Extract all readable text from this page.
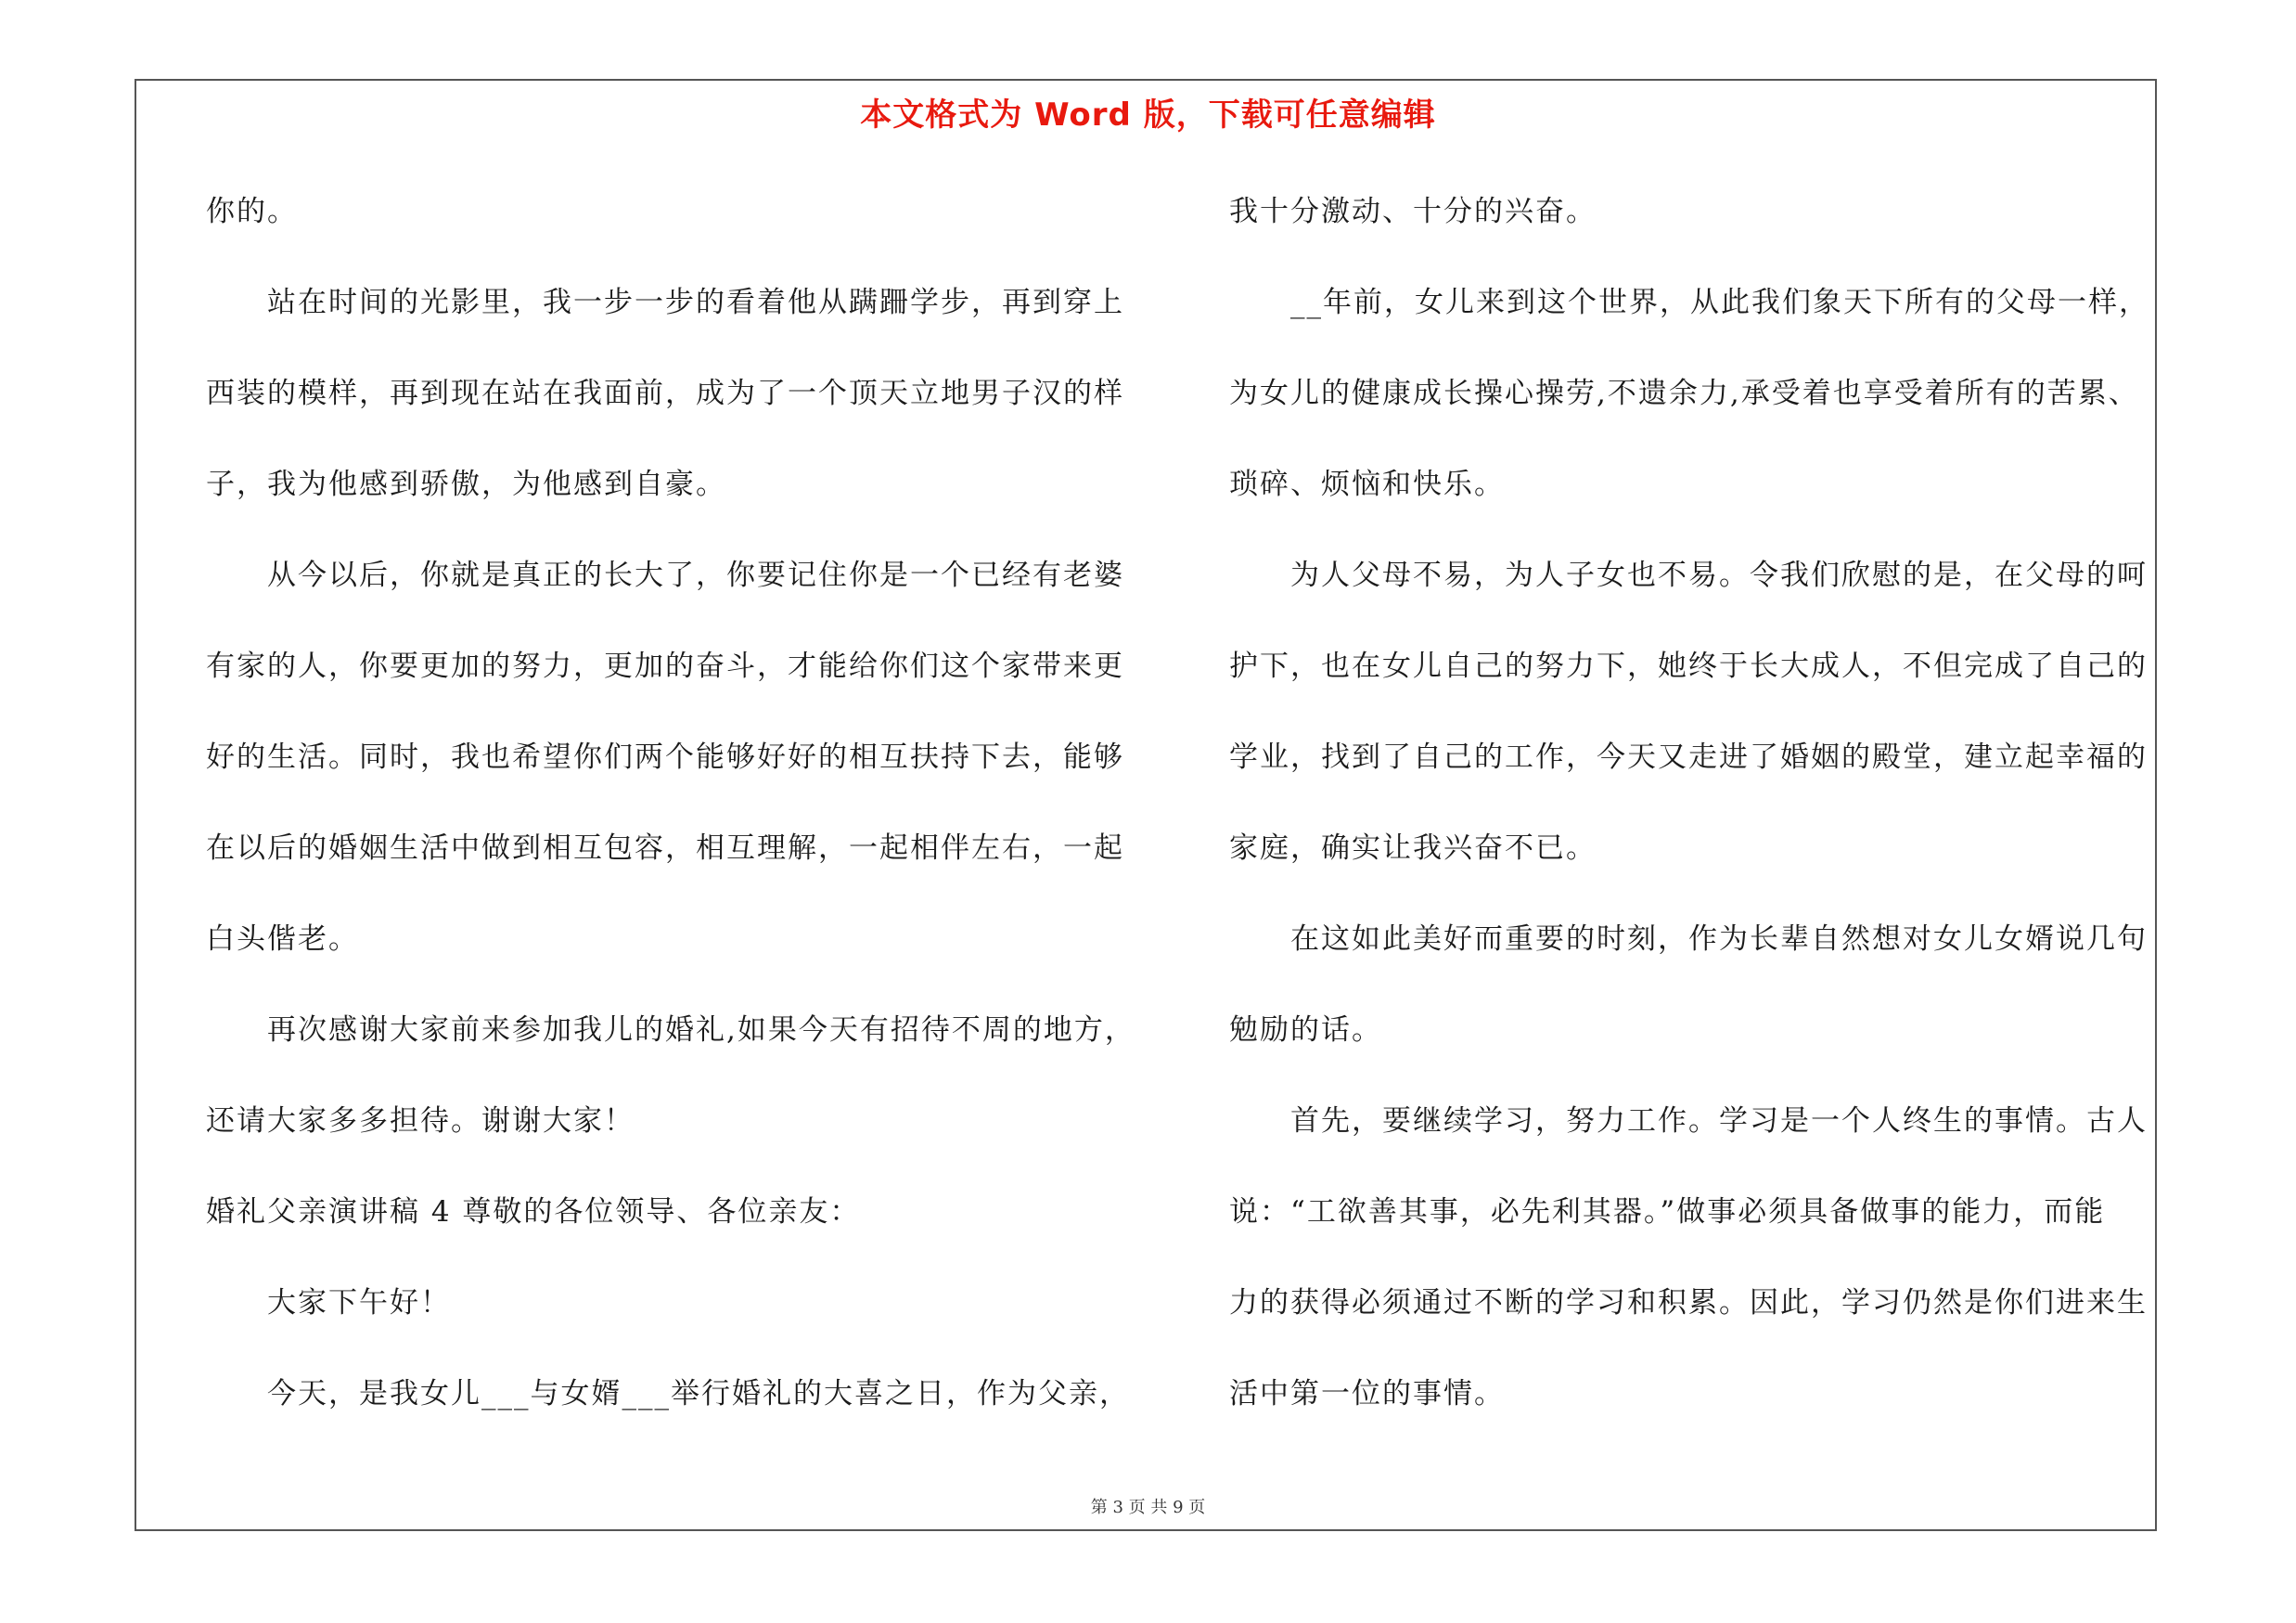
本文格式为 Word 版，下载可任意编辑
你的。
站在时间的光影里，我一步一步的看着他从蹒跚学步，再到穿上
西装的模样，再到现在站在我面前，成为了一个顶天立地男子汉的样
子，我为他感到骄傲，为他感到自豪。
从今以后，你就是真正的长大了，你要记住你是一个已经有老婆
有家的人，你要更加的努力，更加的奋斗，才能给你们这个家带来更
好的生活。同时，我也希望你们两个能够好好的相互扶持下去，能够
在以后的婚姻生活中做到相互包容，相互理解，一起相伴左右，一起
白头偕老。
再次感谢大家前来参加我儿的婚礼,如果今天有招待不周的地方，
还请大家多多担待。谢谢大家！
婚礼父亲演讲稿 4 尊敬的各位领导、各位亲友：
大家下午好！
今天，是我女儿___与女婿___举行婚礼的大喜之日，作为父亲，
我十分激动、十分的兴奋。
__年前，女儿来到这个世界，从此我们象天下所有的父母一样，
为女儿的健康成长操心操劳,不遗余力,承受着也享受着所有的苦累、
琐碎、烦恼和快乐。
为人父母不易，为人子女也不易。令我们欣慰的是，在父母的呵
护下，也在女儿自己的努力下，她终于长大成人，不但完成了自己的
学业，找到了自己的工作，今天又走进了婚姻的殿堂，建立起幸福的
家庭，确实让我兴奋不已。
在这如此美好而重要的时刻，作为长辈自然想对女儿女婿说几句
勉励的话。
首先，要继续学习，努力工作。学习是一个人终生的事情。古人
说：“工欲善其事，必先利其器。”做事必须具备做事的能力，而能
力的获得必须通过不断的学习和积累。因此，学习仍然是你们进来生
活中第一位的事情。
第 3 页 共 9 页
